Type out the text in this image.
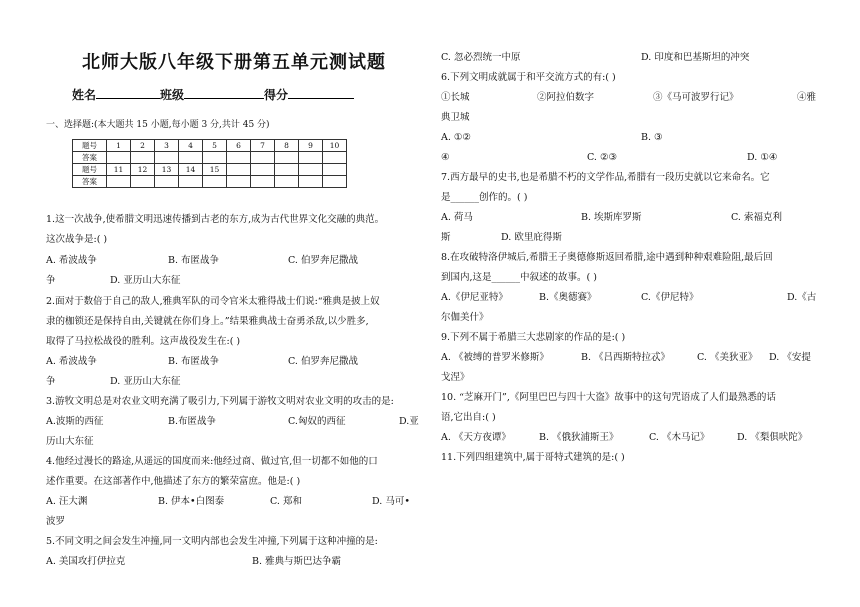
北师大版八年级下册第五单元测试题
姓名	班级	得分
一、选择题:(本大题共 15 小题,每小题 3 分,共计 45 分)
题号	1	2	3	4	5	6	7	8	9	10
答案										
题号	11	12	13	14	15					
答案										
1.这一次战争,使希腊文明迅速传播到古老的东方,成为古代世界文化交融的典范。
这次战争是:( )
A. 希波战争	B. 布匿战争	C. 伯罗奔尼撒战
争	D. 亚历山大东征
2.面对于数倍于自己的敌人,雅典军队的司令官米太雅得战士们说:“雅典是披上奴
隶的枷锁还是保持自由,关键就在你们身上。”结果雅典战士奋勇杀敌,以少胜多,
取得了马拉松战役的胜利。这声战役发生在:( )
A. 希波战争	B. 布匿战争	C. 伯罗奔尼撒战
争	D. 亚历山大东征
3.游牧文明总是对农业文明充满了吸引力,下列属于游牧文明对农业文明的攻击的是:
A.波斯的西征	B.布匿战争	C.匈奴的西征	D.亚
历山大东征
4.他经过漫长的路途,从遥远的国度而来:他经过商、做过官,但一切都不如他的口
述作重要。在这部著作中,他描述了东方的繁荣富庶。他是:( )
A. 汪大渊	B. 伊本•白图泰	C. 郑和	D. 马可•
波罗
5.不同文明之间会发生冲撞,同一文明内部也会发生冲撞,下列属于这种冲撞的是:
A. 美国攻打伊拉克	B. 雅典与斯巴达争霸
C. 忽必烈统一中原	D. 印度和巴基斯坦的冲突
6.下列文明成就属于和平交流方式的有:( )
①长城	②阿拉伯数字	③《马可波罗行记》	④雅
典卫城
A. ①②	B. ③
④	C. ②③	D. ①④
7.西方最早的史书,也是希腊不朽的文学作品,希腊有一段历史就以它来命名。它
是______创作的。( )
A. 荷马	B. 埃斯库罗斯	C. 索福克利
斯	D. 欧里庇得斯
8.在攻破特洛伊城后,希腊王子奥德修斯返回希腊,途中遇到种种艰难险阻,最后回
到国内,这是______中叙述的故事。( )
A.《伊尼亚特》	B.《奥德赛》	C.《伊尼特》	D.《古
尔伽美什》
9.下列不属于希腊三大悲剧家的作品的是:( )
A. 《被缚的普罗米修斯》	B. 《吕西斯特拉忒》	C. 《美狄亚》 D. 《安提
戈涅》
10. “芝麻开门”,《阿里巴巴与四十大盗》故事中的这句咒语成了人们最熟悉的话
语,它出自:( )
A. 《天方夜谭》	B. 《俄狄浦斯王》	C. 《木马记》	D. 《梨俱吠陀》
11.下列四组建筑中,属于哥特式建筑的是:( )
